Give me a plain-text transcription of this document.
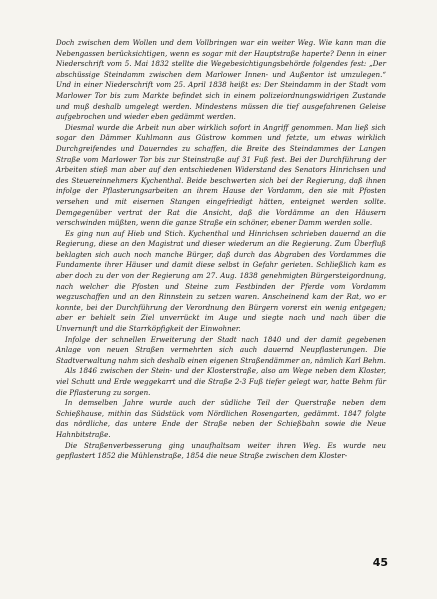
Doch zwischen dem Wollen und dem Vollbringen war ein weiter Weg. Wie kann man die Nebengassen berücksichtigen, wenn es sogar mit der Hauptstraße haperte? Denn in einer Niederschrift vom 5. Mai 1832 stellte die Wegebesichtigungsbehörde folgendes fest: „Der abschüssige Steindamm zwischen dem Marlower Innen- und Außentor ist umzulegen.“ Und in einer Niederschrift vom 25. April 1838 heißt es: Der Steindamm in der Stadt vom Marlower Tor bis zum Markte befindet sich in einem polizeiordnungswidrigen Zustande und muß deshalb umgelegt werden. Mindestens müssen die tief ausgefahrenen Geleise aufgebrochen und wieder eben gedämmt werden.

Diesmal wurde die Arbeit nun aber wirklich sofort in Angriff genommen. Man ließ sich sogar den Dämmer Kuhlmann aus Güstrow kommen und fetzte, um etwas wirklich Durchgreifendes und Dauerndes zu schaffen, die Breite des Steindammes der Langen Straße vom Marlower Tor bis zur Steinstraße auf 31 Fuß fest. Bei der Durchführung der Arbeiten stieß man aber auf den entschiedenen Widerstand des Senators Hinrichsen und des Steuereinnehmers Kychenthal. Beide beschwerten sich bei der Regierung, daß ihnen infolge der Pflasterungsarbeiten an ihrem Hause der Vordamm, den sie mit Pfosten versehen und mit eisernen Stangen eingefriedigt hätten, enteignet werden sollte. Demgegenüber vertrat der Rat die Ansicht, daß die Vordämme an den Häusern verschwinden müßten, wenn die ganze Straße ein schöner, ebener Damm werden solle.

Es ging nun auf Hieb und Stich. Kychenthal und Hinrichsen schrieben dauernd an die Regierung, diese an den Magistrat und dieser wiederum an die Regierung. Zum Überfluß beklagten sich auch noch manche Bürger, daß durch das Abgraben des Vordammes die Fundamente ihrer Häuser und damit diese selbst in Gefahr gerieten. Schließlich kam es aber doch zu der von der Regierung am 27. Aug. 1838 genehmigten Bürgersteigordnung, nach welcher die Pfosten und Steine zum Festbinden der Pferde vom Vordamm wegzuschaffen und an den Rinnstein zu setzen waren. Anscheinend kam der Rat, wo er konnte, bei der Durchführung der Verordnung den Bürgern vorerst ein wenig entgegen; aber er behielt sein Ziel unverrückt im Auge und siegte nach und nach über die Unvernunft und die Starrköpfigkeit der Einwohner.

Infolge der schnellen Erweiterung der Stadt nach 1840 und der damit gegebenen Anlage von neuen Straßen vermehrten sich auch dauernd Neupflasterungen. Die Stadtverwaltung nahm sich deshalb einen eigenen Straßendämmer an, nämlich Karl Behm.

Als 1846 zwischen der Stein- und der Klosterstraße, also am Wege neben dem Kloster, viel Schutt und Erde weggekarrt und die Straße 2-3 Fuß tiefer gelegt war, hatte Behm für die Pflasterung zu sorgen.

In demselben Jahre wurde auch der südliche Teil der Querstraße neben dem Schießhause, mithin das Südstück vom Nördlichen Rosengarten, gedämmt. 1847 folgte das nördliche, das untere Ende der Straße neben der Schießbahn sowie die Neue Hahnbitstraße.

Die Straßenverbesserung ging unaufhaltsam weiter ihren Weg. Es wurde neu gepflastert 1852 die Mühlenstraße, 1854 die neue Straße zwischen dem Kloster-

45
